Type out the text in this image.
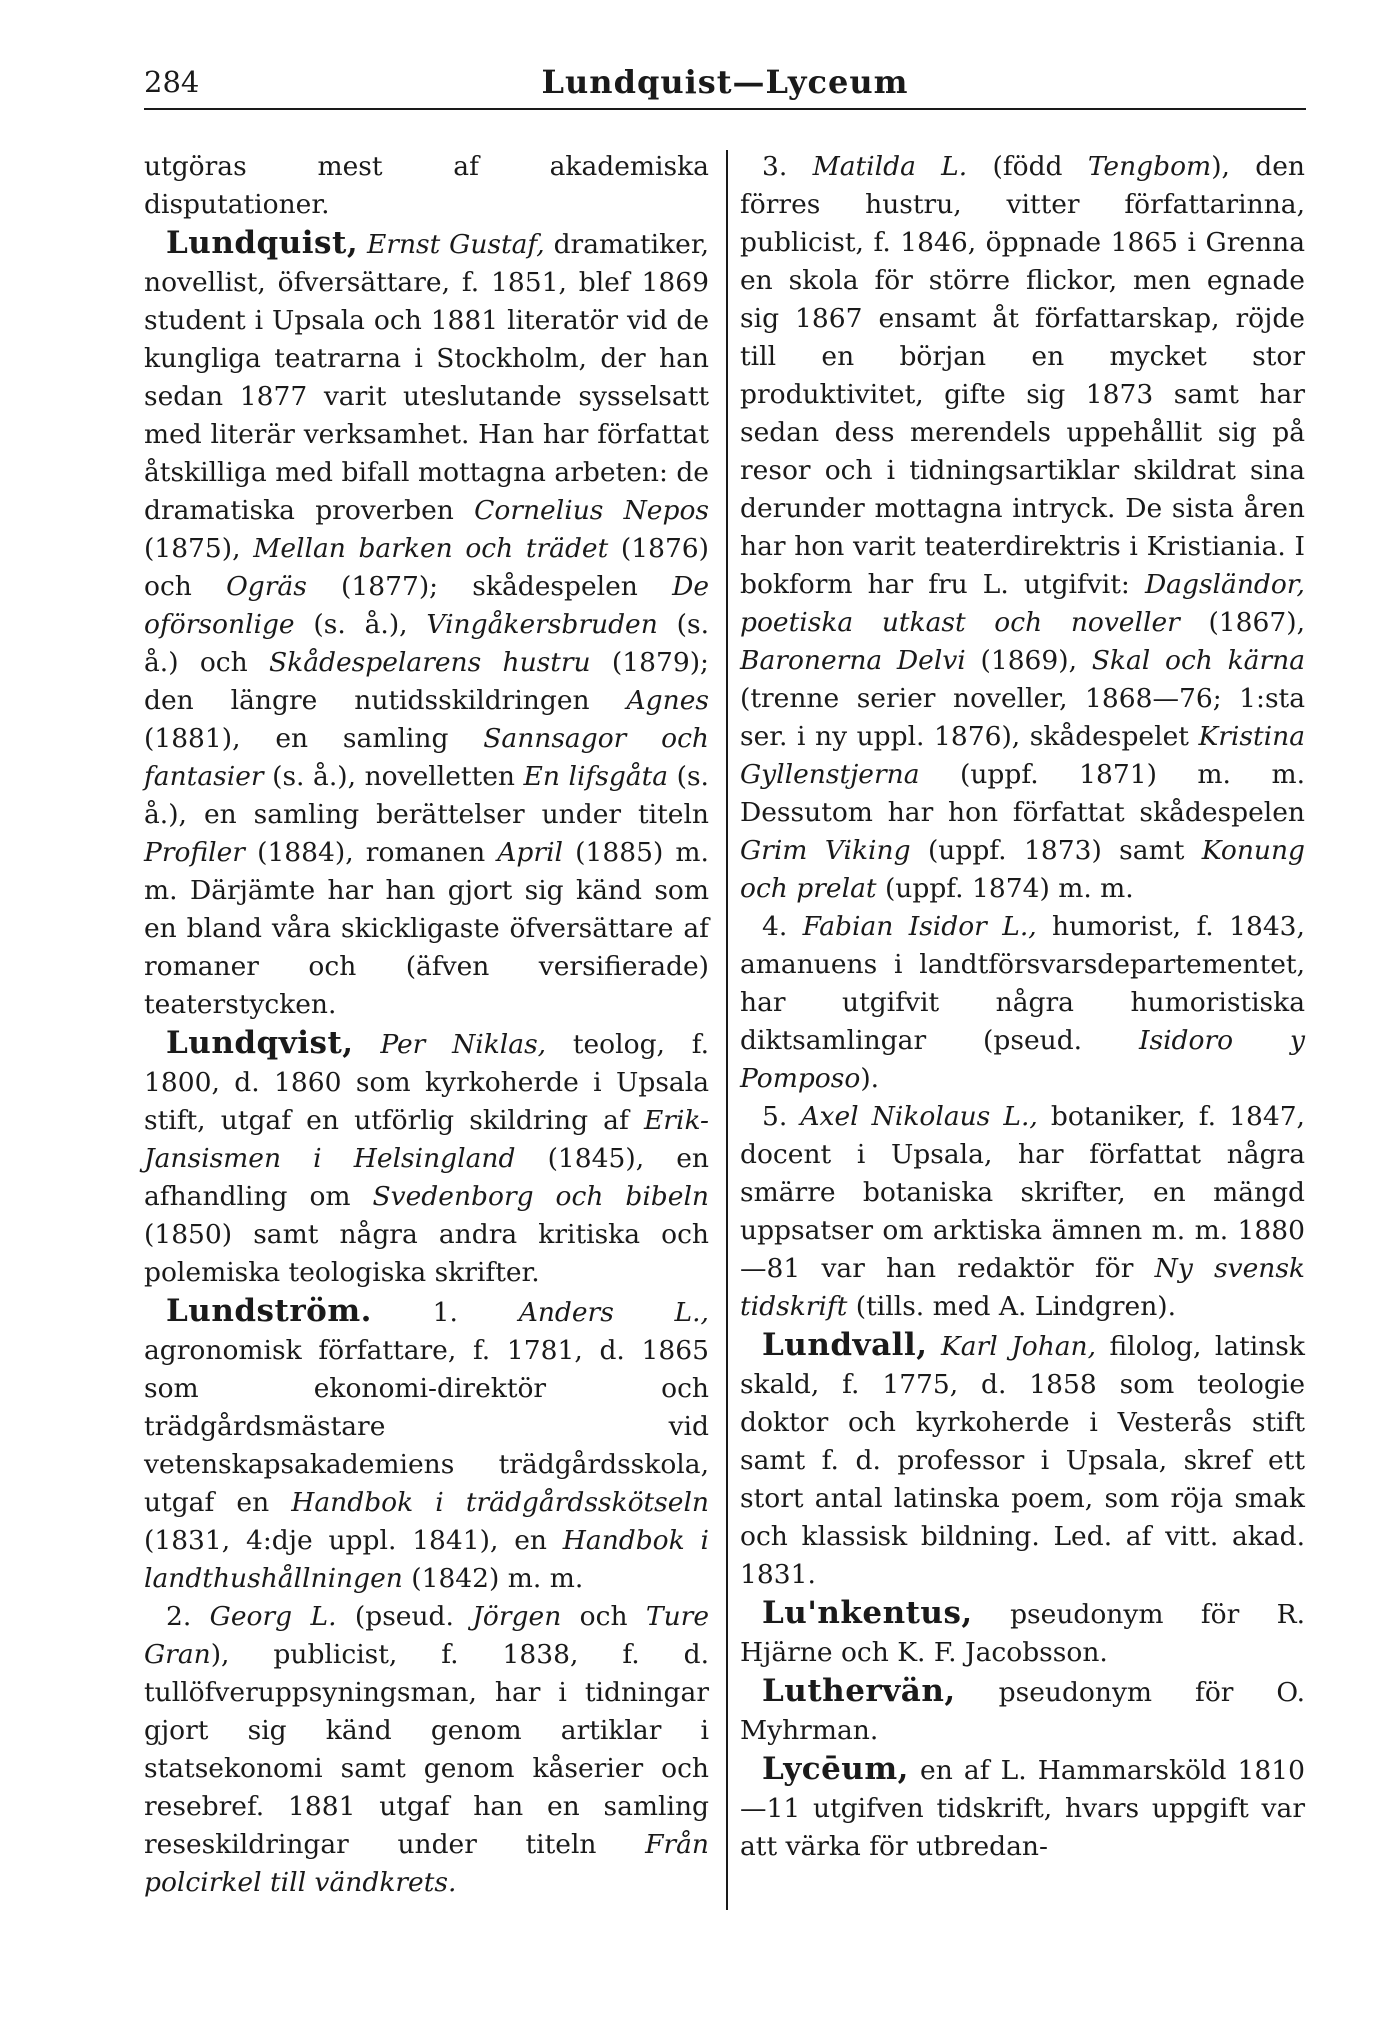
284	Lundquist—Lyceum

utgöras mest af akademiska disputationer.

Lundquist, Ernst Gustaf, dramatiker, novellist, öfversättare, f. 1851, blef 1869 student i Upsala och 1881 literatör vid de kungliga teatrarna i Stockholm, der han sedan 1877 varit uteslutande sysselsatt med literär verksamhet. Han har författat åtskilliga med bifall mottagna arbeten: de dramatiska proverben Cornelius Nepos (1875), Mellan barken och trädet (1876) och Ogräs (1877); skådespelen De oförsonlige (s. å.), Vingåkersbruden (s. å.) och Skådespelarens hustru (1879); den längre nutidsskildringen Agnes (1881), en samling Sannsagor och fantasier (s. å.), novelletten En lifsgåta (s. å.), en samling berättelser under titeln Profiler (1884), romanen April (1885) m. m. Därjämte har han gjort sig känd som en bland våra skickligaste öfversättare af romaner och (äfven versifierade) teaterstycken.

Lundqvist, Per Niklas, teolog, f. 1800, d. 1860 som kyrkoherde i Upsala stift, utgaf en utförlig skildring af Erik-Jansismen i Helsingland (1845), en afhandling om Svedenborg och bibeln (1850) samt några andra kritiska och polemiska teologiska skrifter.

Lundström. 1. Anders L., agronomisk författare, f. 1781, d. 1865 som ekonomi-direktör och trädgårdsmästare vid vetenskapsakademiens trädgårdsskola, utgaf en Handbok i trädgårdsskötseln (1831, 4:dje uppl. 1841), en Handbok i landthushållningen (1842) m. m.

2. Georg L. (pseud. Jörgen och Ture Gran), publicist, f. 1838, f. d. tullöfveruppsyningsman, har i tidningar gjort sig känd genom artiklar i statsekonomi samt genom kåserier och resebref. 1881 utgaf han en samling reseskildringar under titeln Från polcirkel till vändkrets.

3. Matilda L. (född Tengbom), den förres hustru, vitter författarinna, publicist, f. 1846, öppnade 1865 i Grenna en skola för större flickor, men egnade sig 1867 ensamt åt författarskap, röjde till en början en mycket stor produktivitet, gifte sig 1873 samt har sedan dess merendels uppehållit sig på resor och i tidningsartiklar skildrat sina derunder mottagna intryck. De sista åren har hon varit teaterdirektris i Kristiania. I bokform har fru L. utgifvit: Dagsländor, poetiska utkast och noveller (1867), Baronerna Delvi (1869), Skal och kärna (trenne serier noveller, 1868—76; 1:sta ser. i ny uppl. 1876), skådespelet Kristina Gyllenstjerna (uppf. 1871) m. m. Dessutom har hon författat skådespelen Grim Viking (uppf. 1873) samt Konung och prelat (uppf. 1874) m. m.

4. Fabian Isidor L., humorist, f. 1843, amanuens i landtförsvarsdepartementet, har utgifvit några humoristiska diktsamlingar (pseud. Isidoro y Pomposo).

5. Axel Nikolaus L., botaniker, f. 1847, docent i Upsala, har författat några smärre botaniska skrifter, en mängd uppsatser om arktiska ämnen m. m. 1880—81 var han redaktör för Ny svensk tidskrift (tills. med A. Lindgren).

Lundvall, Karl Johan, filolog, latinsk skald, f. 1775, d. 1858 som teologie doktor och kyrkoherde i Vesterås stift samt f. d. professor i Upsala, skref ett stort antal latinska poem, som röja smak och klassisk bildning. Led. af vitt. akad. 1831.

Lu'nkentus, pseudonym för R. Hjärne och K. F. Jacobsson.

Luthervän, pseudonym för O. Myhrman.

Lycēum, en af L. Hammarsköld 1810—11 utgifven tidskrift, hvars uppgift var att värka för utbredan-
